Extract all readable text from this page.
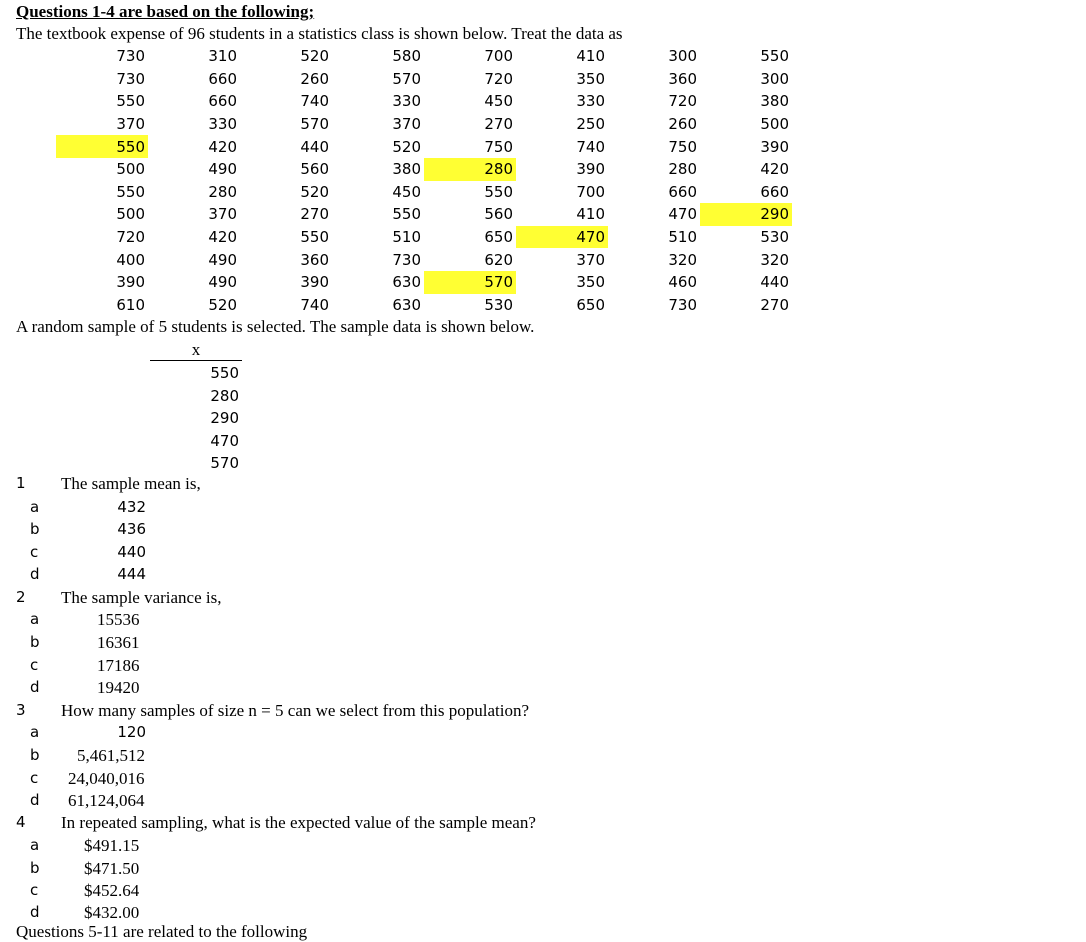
Questions 1-4 are based on the following;
The textbook expense of 96 students in a statistics class is shown below. Treat the data as
730	310	520	580	700	410	300	550
730	660	260	570	720	350	360	300
550	660	740	330	450	330	720	380
370	330	570	370	270	250	260	500
550	420	440	520	750	740	750	390
500	490	560	380	280	390	280	420
550	280	520	450	550	700	660	660
500	370	270	550	560	410	470	290
720	420	550	510	650	470	510	530
400	490	360	730	620	370	320	320
390	490	390	630	570	350	460	440
610	520	740	630	530	650	730	270
A random sample of 5 students is selected. The sample data is shown below.
x
550
280
290
470
570
1 The sample mean is,
a	432
b	436
c	440
d	444
2 The sample variance is,
a	15536
b	16361
c	17186
d	19420
3 How many samples of size n = 5 can we select from this population?
a	120
b 5,461,512
c 24,040,016
d 61,124,064
4 In repeated sampling, what is the expected value of the sample mean?
a	$491.15
b	$471.50
c	$452.64
d	$432.00
Questions 5-11 are related to the following
